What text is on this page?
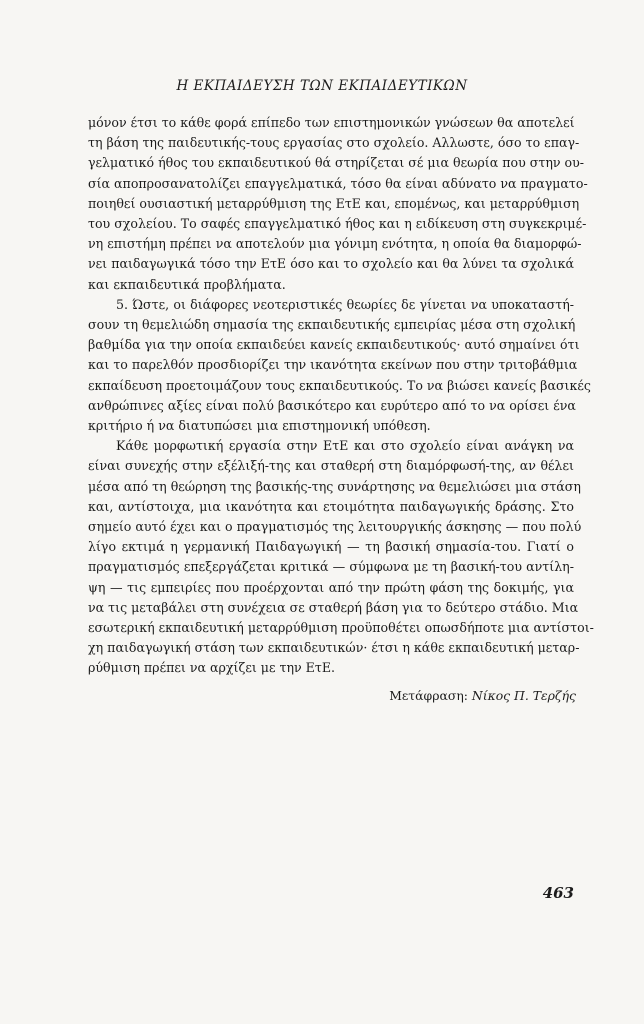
Η ΕΚΠΑΙΔΕΥΣΗ ΤΩΝ ΕΚΠΑΙΔΕΥΤΙΚΩΝ
μόνον έτσι το κάθε φορά επίπεδο των επιστημονικών γνώσεων θα αποτελεί
τη βάση της παιδευτικής-τους εργασίας στο σχολείο. Αλλωστε, όσο το επαγ-
γελματικό ήθος του εκπαιδευτικού θά στηρίζεται σέ μια θεωρία που στην ου-
σία αποπροσανατολίζει επαγγελματικά, τόσο θα είναι αδύνατο να πραγματο-
ποιηθεί ουσιαστική μεταρρύθμιση της ΕτΕ και, επομένως, και μεταρρύθμιση
του σχολείου. Το σαφές επαγγελματικό ήθος και η ειδίκευση στη συγκεκριμέ-
νη επιστήμη πρέπει να αποτελούν μια γόνιμη ενότητα, η οποία θα διαμορφώ-
νει παιδαγωγικά τόσο την ΕτΕ όσο και το σχολείο και θα λύνει τα σχολικά
και εκπαιδευτικά προβλήματα.
5. Ώστε, οι διάφορες νεοτεριστικές θεωρίες δε γίνεται να υποκαταστή-
σουν τη θεμελιώδη σημασία της εκπαιδευτικής εμπειρίας μέσα στη σχολική
βαθμίδα για την οποία εκπαιδεύει κανείς εκπαιδευτικούς· αυτό σημαίνει ότι
και το παρελθόν προσδιορίζει την ικανότητα εκείνων που στην τριτοβάθμια
εκπαίδευση προετοιμάζουν τους εκπαιδευτικούς. Το να βιώσει κανείς βασικές
ανθρώπινες αξίες είναι πολύ βασικότερο και ευρύτερο από το να ορίσει ένα
κριτήριο ή να διατυπώσει μια επιστημονική υπόθεση.
Κάθε μορφωτική εργασία στην ΕτΕ και στο σχολείο είναι ανάγκη να
είναι συνεχής στην εξέλιξή-της και σταθερή στη διαμόρφωσή-της, αν θέλει
μέσα από τη θεώρηση της βασικής-της συνάρτησης να θεμελιώσει μια στάση
και, αντίστοιχα, μια ικανότητα και ετοιμότητα παιδαγωγικής δράσης. Στο
σημείο αυτό έχει και ο πραγματισμός της λειτουργικής άσκησης — που πολύ
λίγο εκτιμά η γερμανική Παιδαγωγική — τη βασική σημασία-του. Γιατί ο
πραγματισμός επεξεργάζεται κριτικά — σύμφωνα με τη βασική-του αντίλη-
ψη — τις εμπειρίες που προέρχονται από την πρώτη φάση της δοκιμής, για
να τις μεταβάλει στη συνέχεια σε σταθερή βάση για το δεύτερο στάδιο. Μια
εσωτερική εκπαιδευτική μεταρρύθμιση προϋποθέτει οπωσδήποτε μια αντίστοι-
χη παιδαγωγική στάση των εκπαιδευτικών· έτσι η κάθε εκπαιδευτική μεταρ-
ρύθμιση πρέπει να αρχίζει με την ΕτΕ.
Μετάφραση: Νίκος Π. Τερζής
463
